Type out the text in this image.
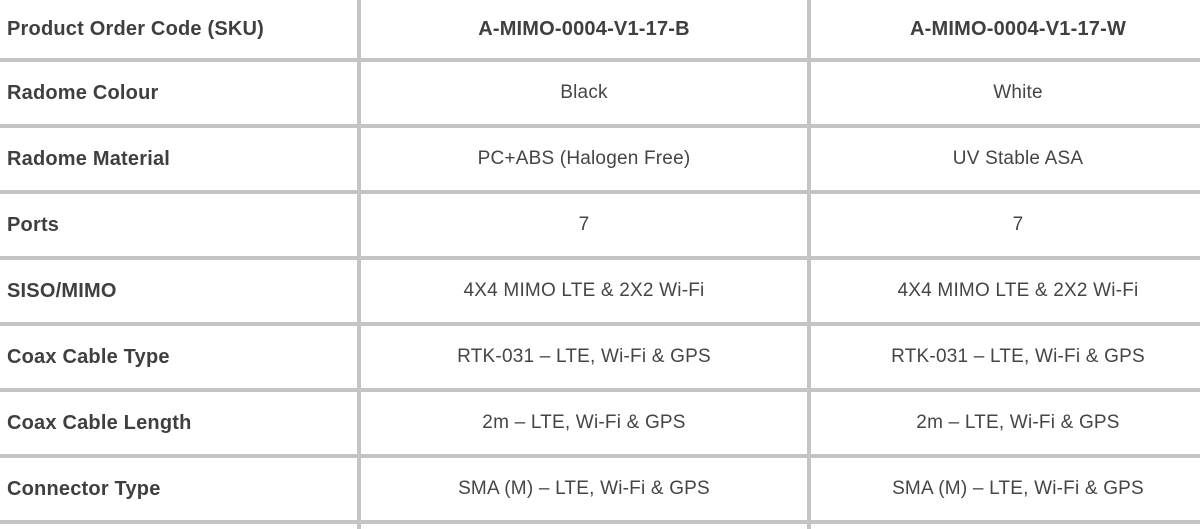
Product Order Code (SKU)	A-MIMO-0004-V1-17-B	A-MIMO-0004-V1-17-W
Radome Colour	Black	White
Radome Material	PC+ABS (Halogen Free)	UV Stable ASA
Ports	7	7
SISO/MIMO	4X4 MIMO LTE & 2X2 Wi-Fi	4X4 MIMO LTE & 2X2 Wi-Fi
Coax Cable Type	RTK-031 – LTE, Wi-Fi & GPS	RTK-031 – LTE, Wi-Fi & GPS
Coax Cable Length	2m – LTE, Wi-Fi & GPS	2m – LTE, Wi-Fi & GPS
Connector Type	SMA (M) – LTE, Wi-Fi & GPS	SMA (M) – LTE, Wi-Fi & GPS
